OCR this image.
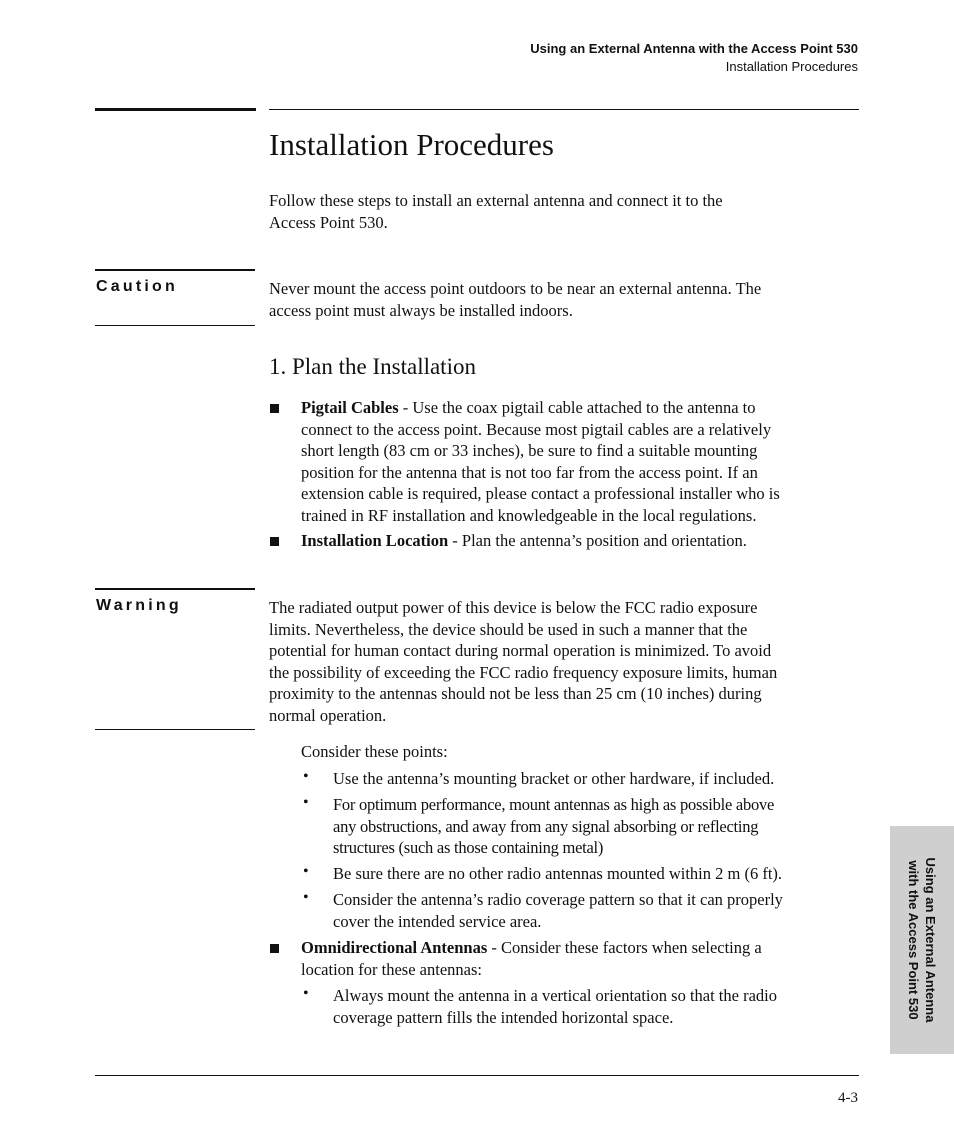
Using an External Antenna with the Access Point 530
Installation Procedures
Installation Procedures
Follow these steps to install an external antenna and connect it to the
Access Point 530.
Caution	Never mount the access point outdoors to be near an external antenna. The
access point must always be installed indoors.
1. Plan the Installation
Pigtail Cables - Use the coax pigtail cable attached to the antenna to
connect to the access point. Because most pigtail cables are a relatively
short length (83 cm or 33 inches), be sure to find a suitable mounting
position for the antenna that is not too far from the access point. If an
extension cable is required, please contact a professional installer who is
trained in RF installation and knowledgeable in the local regulations.
Installation Location - Plan the antenna’s position and orientation.
Warning	The radiated output power of this device is below the FCC radio exposure
limits. Nevertheless, the device should be used in such a manner that the
potential for human contact during normal operation is minimized. To avoid
the possibility of exceeding the FCC radio frequency exposure limits, human
proximity to the antennas should not be less than 25 cm (10 inches) during
normal operation.
Consider these points:
• Use the antenna’s mounting bracket or other hardware, if included.
• For optimum performance, mount antennas as high as possible above
any obstructions, and away from any signal absorbing or reflecting
structures (such as those containing metal)
• Be sure there are no other radio antennas mounted within 2 m (6 ft).
• Consider the antenna’s radio coverage pattern so that it can properly
cover the intended service area.
Omnidirectional Antennas - Consider these factors when selecting a
location for these antennas:
• Always mount the antenna in a vertical orientation so that the radio
coverage pattern fills the intended horizontal space.	Using an External Antenna
with the Access Point 530
4-3
